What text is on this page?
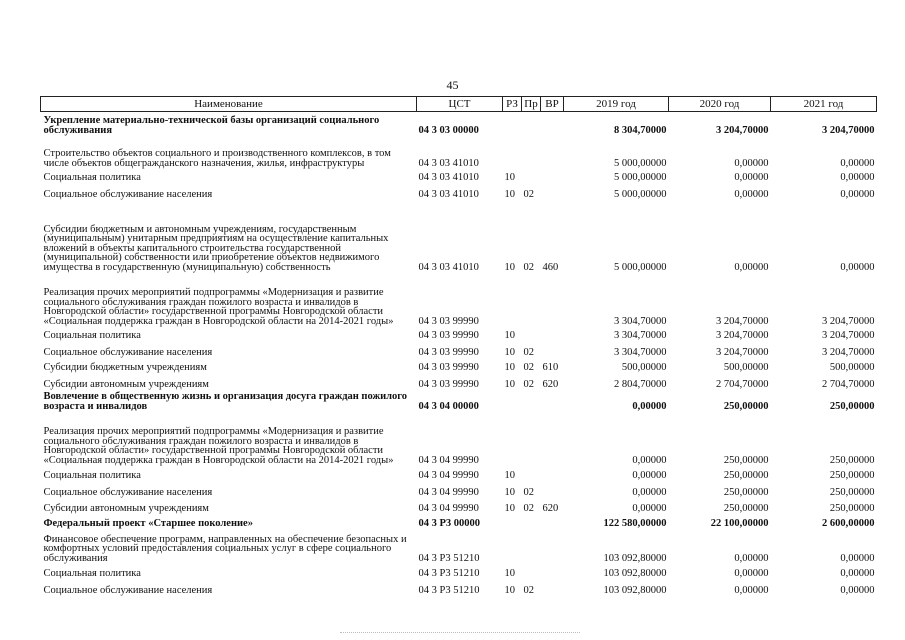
45
Наименование	ЦСТ	РЗ	Пр	ВР	2019 год	2020 год	2021 год
Укрепление материально-технической базы организаций социального обслуживания	04 3 03 00000				8 304,70000	3 204,70000	3 204,70000
Строительство объектов социального и производственного комплексов, в том числе объектов общегражданского назначения, жилья, инфраструктуры	04 3 03 41010				5 000,00000	0,00000	0,00000
Социальная политика	04 3 03 41010	10			5 000,00000	0,00000	0,00000
Социальное обслуживание населения	04 3 03 41010	10	02		5 000,00000	0,00000	0,00000
Субсидии бюджетным и автономным учреждениям, государственным (муниципальным) унитарным предприятиям на осуществление капитальных вложений в объекты капитального строительства государственной (муниципальной) собственности или приобретение объектов недвижимого имущества в государственную (муниципальную) собственность	04 3 03 41010	10	02	460	5 000,00000	0,00000	0,00000
Реализация прочих мероприятий подпрограммы «Модернизация и развитие социального обслуживания граждан пожилого возраста и инвалидов в Новгородской области» государственной программы Новгородской области «Социальная поддержка граждан в Новгородской области на 2014-2021 годы»	04 3 03 99990				3 304,70000	3 204,70000	3 204,70000
Социальная политика	04 3 03 99990	10			3 304,70000	3 204,70000	3 204,70000
Социальное обслуживание населения	04 3 03 99990	10	02		3 304,70000	3 204,70000	3 204,70000
Субсидии бюджетным учреждениям	04 3 03 99990	10	02	610	500,00000	500,00000	500,00000
Субсидии автономным учреждениям	04 3 03 99990	10	02	620	2 804,70000	2 704,70000	2 704,70000
Вовлечение в общественную жизнь и организация досуга граждан пожилого возраста и инвалидов	04 3 04 00000				0,00000	250,00000	250,00000
Реализация прочих мероприятий подпрограммы «Модернизация и развитие социального обслуживания граждан пожилого возраста и инвалидов в Новгородской области» государственной программы Новгородской области «Социальная поддержка граждан в Новгородской области на 2014-2021 годы»	04 3 04 99990				0,00000	250,00000	250,00000
Социальная политика	04 3 04 99990	10			0,00000	250,00000	250,00000
Социальное обслуживание населения	04 3 04 99990	10	02		0,00000	250,00000	250,00000
Субсидии автономным учреждениям	04 3 04 99990	10	02	620	0,00000	250,00000	250,00000
Федеральный проект «Старшее поколение»	04 3 P3 00000				122 580,00000	22 100,00000	2 600,00000
Финансовое обеспечение программ, направленных на обеспечение безопасных и комфортных условий предоставления социальных услуг в сфере социального обслуживания	04 3 P3 51210				103 092,80000	0,00000	0,00000
Социальная политика	04 3 P3 51210	10			103 092,80000	0,00000	0,00000
Социальное обслуживание населения	04 3 P3 51210	10	02		103 092,80000	0,00000	0,00000
